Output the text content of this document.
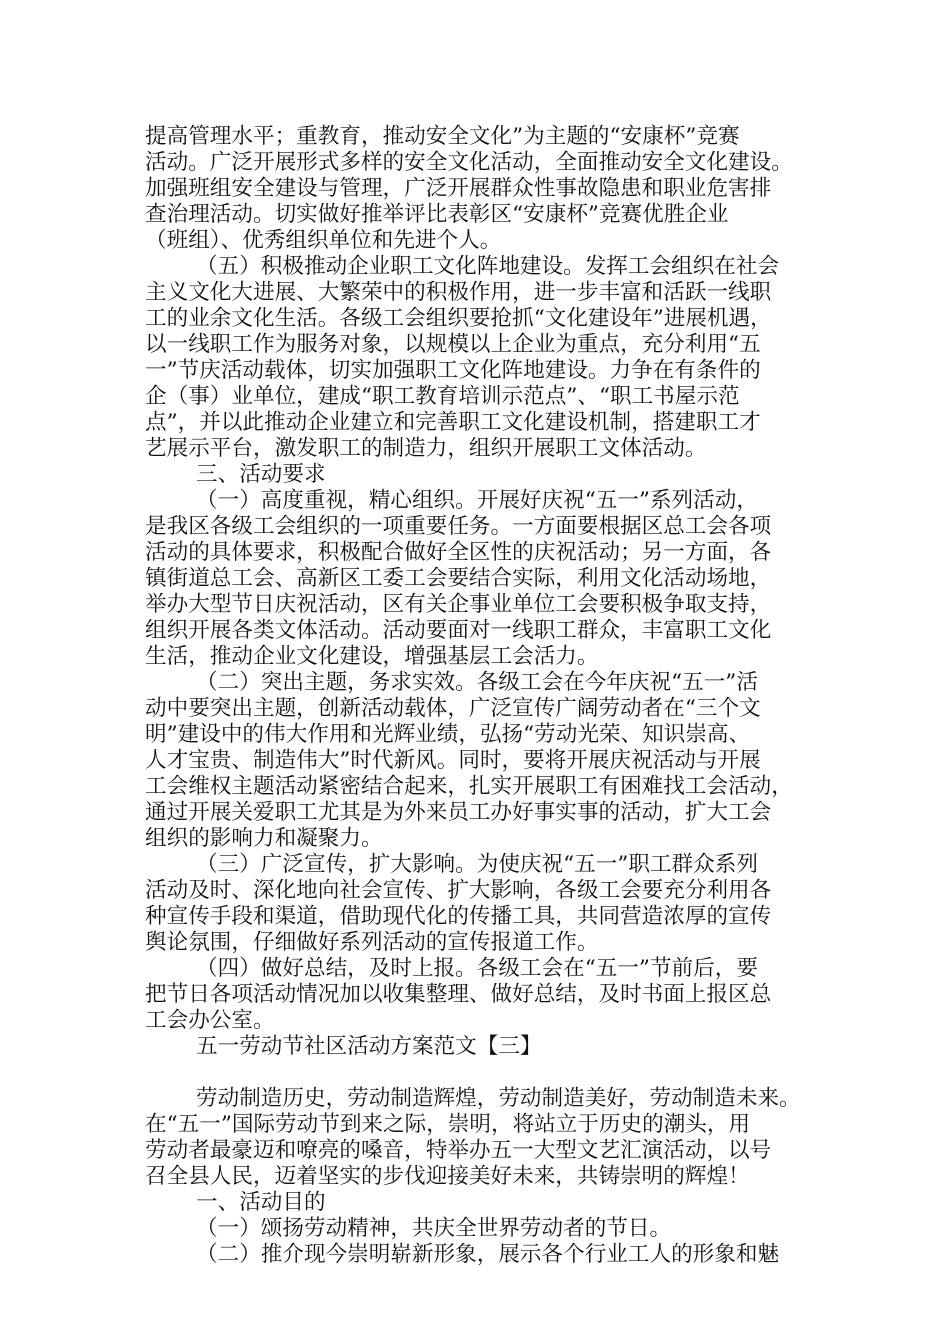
提高管理水平；重教育，推动安全文化”为主题的“安康杯”竞赛
活动。广泛开展形式多样的安全文化活动，全面推动安全文化建设。
加强班组安全建设与管理，广泛开展群众性事故隐患和职业危害排
查治理活动。切实做好推举评比表彰区“安康杯”竞赛优胜企业
（班组）、优秀组织单位和先进个人。
（五）积极推动企业职工文化阵地建设。发挥工会组织在社会
主义文化大进展、大繁荣中的积极作用，进一步丰富和活跃一线职
工的业余文化生活。各级工会组织要抢抓“文化建设年”进展机遇，
以一线职工作为服务对象，以规模以上企业为重点，充分利用“五
一”节庆活动载体，切实加强职工文化阵地建设。力争在有条件的
企（事）业单位，建成“职工教育培训示范点”、“职工书屋示范
点”，并以此推动企业建立和完善职工文化建设机制，搭建职工才
艺展示平台，激发职工的制造力，组织开展职工文体活动。
三、活动要求
（一）高度重视，精心组织。开展好庆祝“五一”系列活动，
是我区各级工会组织的一项重要任务。一方面要根据区总工会各项
活动的具体要求，积极配合做好全区性的庆祝活动；另一方面，各
镇街道总工会、高新区工委工会要结合实际，利用文化活动场地，
举办大型节日庆祝活动，区有关企事业单位工会要积极争取支持，
组织开展各类文体活动。活动要面对一线职工群众，丰富职工文化
生活，推动企业文化建设，增强基层工会活力。
（二）突出主题，务求实效。各级工会在今年庆祝“五一”活
动中要突出主题，创新活动载体，广泛宣传广阔劳动者在“三个文
明”建设中的伟大作用和光辉业绩，弘扬“劳动光荣、知识崇高、
人才宝贵、制造伟大”时代新风。同时，要将开展庆祝活动与开展
工会维权主题活动紧密结合起来，扎实开展职工有困难找工会活动，
通过开展关爱职工尤其是为外来员工办好事实事的活动，扩大工会
组织的影响力和凝聚力。
（三）广泛宣传，扩大影响。为使庆祝“五一”职工群众系列
活动及时、深化地向社会宣传、扩大影响，各级工会要充分利用各
种宣传手段和渠道，借助现代化的传播工具，共同营造浓厚的宣传
舆论氛围，仔细做好系列活动的宣传报道工作。
（四）做好总结，及时上报。各级工会在“五一”节前后，要
把节日各项活动情况加以收集整理、做好总结，及时书面上报区总
工会办公室。
五一劳动节社区活动方案范文【三】
劳动制造历史，劳动制造辉煌，劳动制造美好，劳动制造未来。
在“五一”国际劳动节到来之际，崇明，将站立于历史的潮头，用
劳动者最豪迈和嘹亮的嗓音，特举办五一大型文艺汇演活动，以号
召全县人民，迈着坚实的步伐迎接美好未来，共铸崇明的辉煌！
一、活动目的
（一）颂扬劳动精神，共庆全世界劳动者的节日。
（二）推介现今崇明崭新形象，展示各个行业工人的形象和魅
